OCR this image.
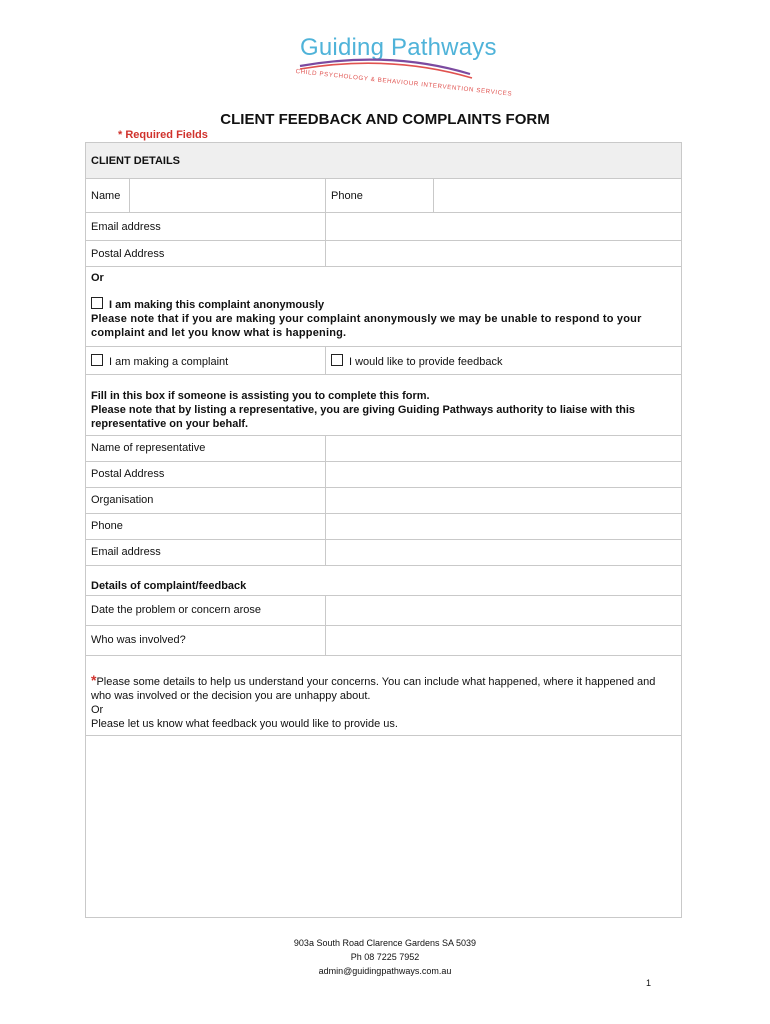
Guiding Pathways
CHILD PSYCHOLOGY & BEHAVIOUR INTERVENTION SERVICES
CLIENT FEEDBACK AND COMPLAINTS FORM
* Required Fields
CLIENT DETAILS			
Name		Phone	
Email address			
Postal Address			

Or
I am making this complaint anonymously
Please note that if you are making your complaint anonymously we may be unable to respond to your complaint and let you know what is happening.			

I am making a complaint		I would like to provide feedback	

Fill in this box if someone is assisting you to complete this form.
Please note that by listing a representative, you are giving Guiding Pathways authority to liaise with this representative on your behalf.			

Name of representative			
Postal Address			
Organisation			
Phone			
Email address			

Details of complaint/feedback			
Date the problem or concern arose			
Who was involved?			

*Please some details to help us understand your concerns. You can include what happened, where it happened and who was involved or the decision you are unhappy about.
Or
Please let us know what feedback you would like to provide us.			

903a South Road Clarence Gardens SA 5039
Ph 08 7225 7952
admin@guidingpathways.com.au
1
